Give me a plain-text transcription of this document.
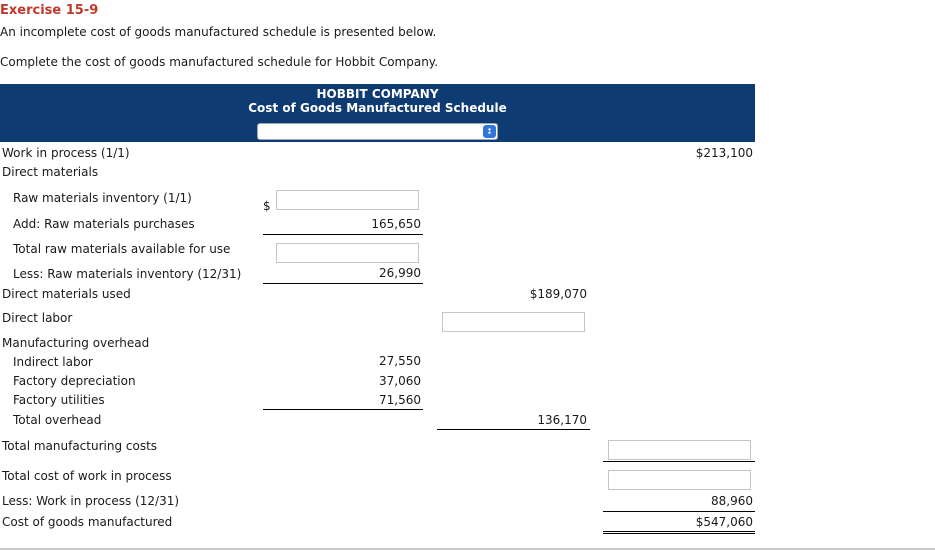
Exercise 15-9
An incomplete cost of goods manufactured schedule is presented below.
Complete the cost of goods manufactured schedule for Hobbit Company.
HOBBIT COMPANY
Cost of Goods Manufactured Schedule
↕
Work in process (1/1)	$213,100
Direct materials
Raw materials inventory (1/1)
$
Add: Raw materials purchases	165,650
Total raw materials available for use
Less: Raw materials inventory (12/31)	26,990
Direct materials used	$189,070
Direct labor
Manufacturing overhead
Indirect labor	27,550
Factory depreciation	37,060
Factory utilities	71,560
Total overhead	136,170
Total manufacturing costs
Total cost of work in process
Less: Work in process (12/31)	88,960
Cost of goods manufactured	$547,060
